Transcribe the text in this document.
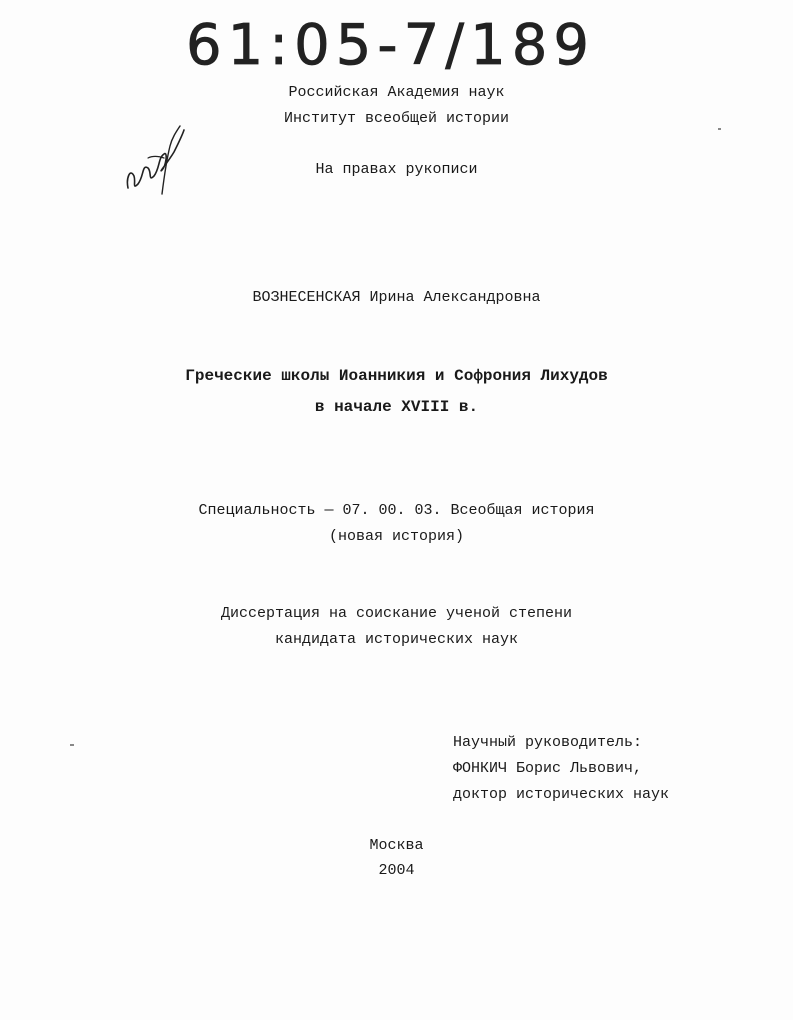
61:05-7/189
Российская Академия наук
Институт всеобщей истории
На правах рукописи
ВОЗНЕСЕНСКАЯ Ирина Александровна
Греческие школы Иоанникия и Софрония Лихудов
в начале XVIII в.
Специальность — 07. 00. 03. Всеобщая история
(новая история)
Диссертация на соискание ученой степени
кандидата исторических наук
Научный руководитель:
ФОНКИЧ Борис Львович,
доктор исторических наук
Москва
2004
